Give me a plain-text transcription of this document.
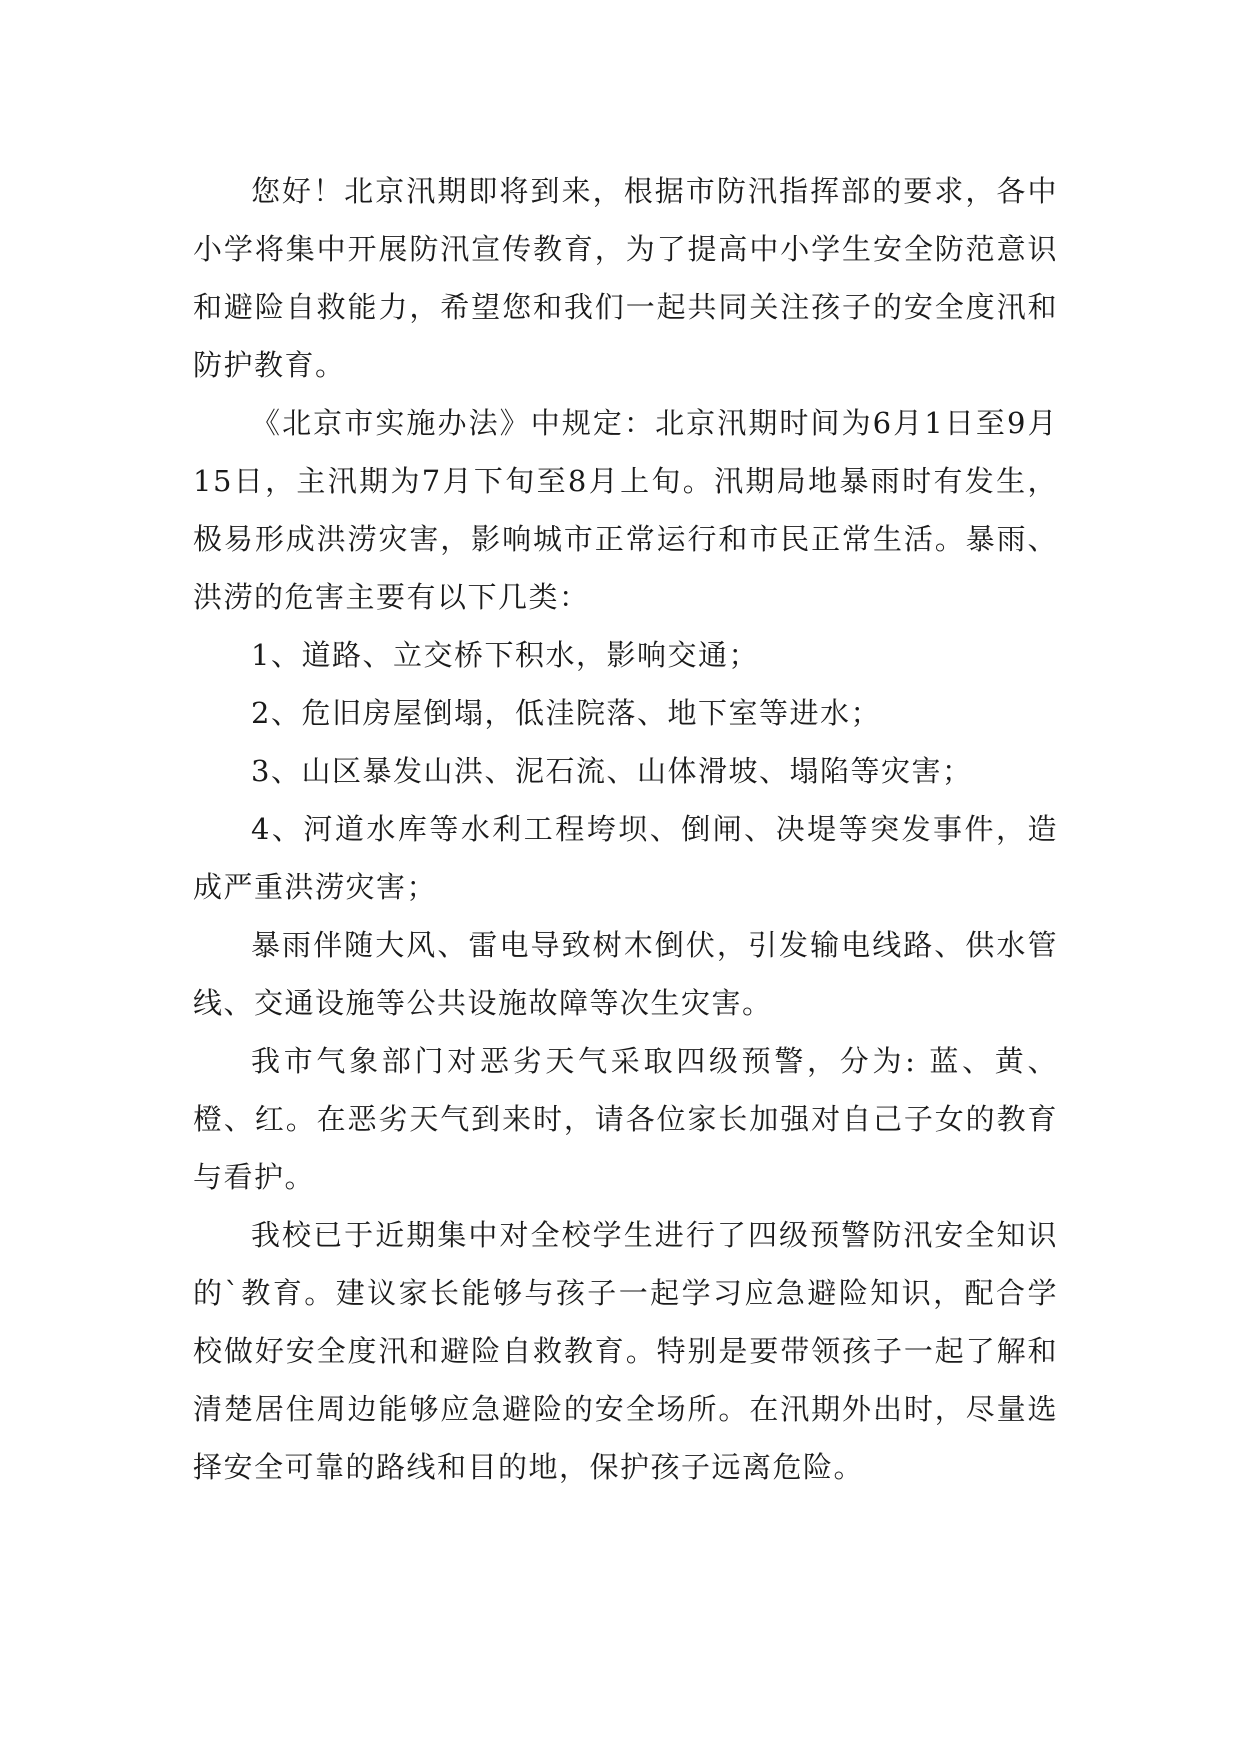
您好！北京汛期即将到来，根据市防汛指挥部的要求，各中小学将集中开展防汛宣传教育，为了提高中小学生安全防范意识和避险自救能力，希望您和我们一起共同关注孩子的安全度汛和防护教育。

《北京市实施办法》中规定：北京汛期时间为6月1日至9月15日，主汛期为7月下旬至8月上旬。汛期局地暴雨时有发生，极易形成洪涝灾害，影响城市正常运行和市民正常生活。暴雨、洪涝的危害主要有以下几类：

1、道路、立交桥下积水，影响交通；

2、危旧房屋倒塌，低洼院落、地下室等进水；

3、山区暴发山洪、泥石流、山体滑坡、塌陷等灾害；

4、河道水库等水利工程垮坝、倒闸、决堤等突发事件，造成严重洪涝灾害；

暴雨伴随大风、雷电导致树木倒伏，引发输电线路、供水管线、交通设施等公共设施故障等次生灾害。

我市气象部门对恶劣天气采取四级预警，分为: 蓝、黄、橙、红。在恶劣天气到来时，请各位家长加强对自己子女的教育与看护。

我校已于近期集中对全校学生进行了四级预警防汛安全知识的`教育。建议家长能够与孩子一起学习应急避险知识，配合学校做好安全度汛和避险自救教育。特别是要带领孩子一起了解和清楚居住周边能够应急避险的安全场所。在汛期外出时，尽量选择安全可靠的路线和目的地，保护孩子远离危险。
